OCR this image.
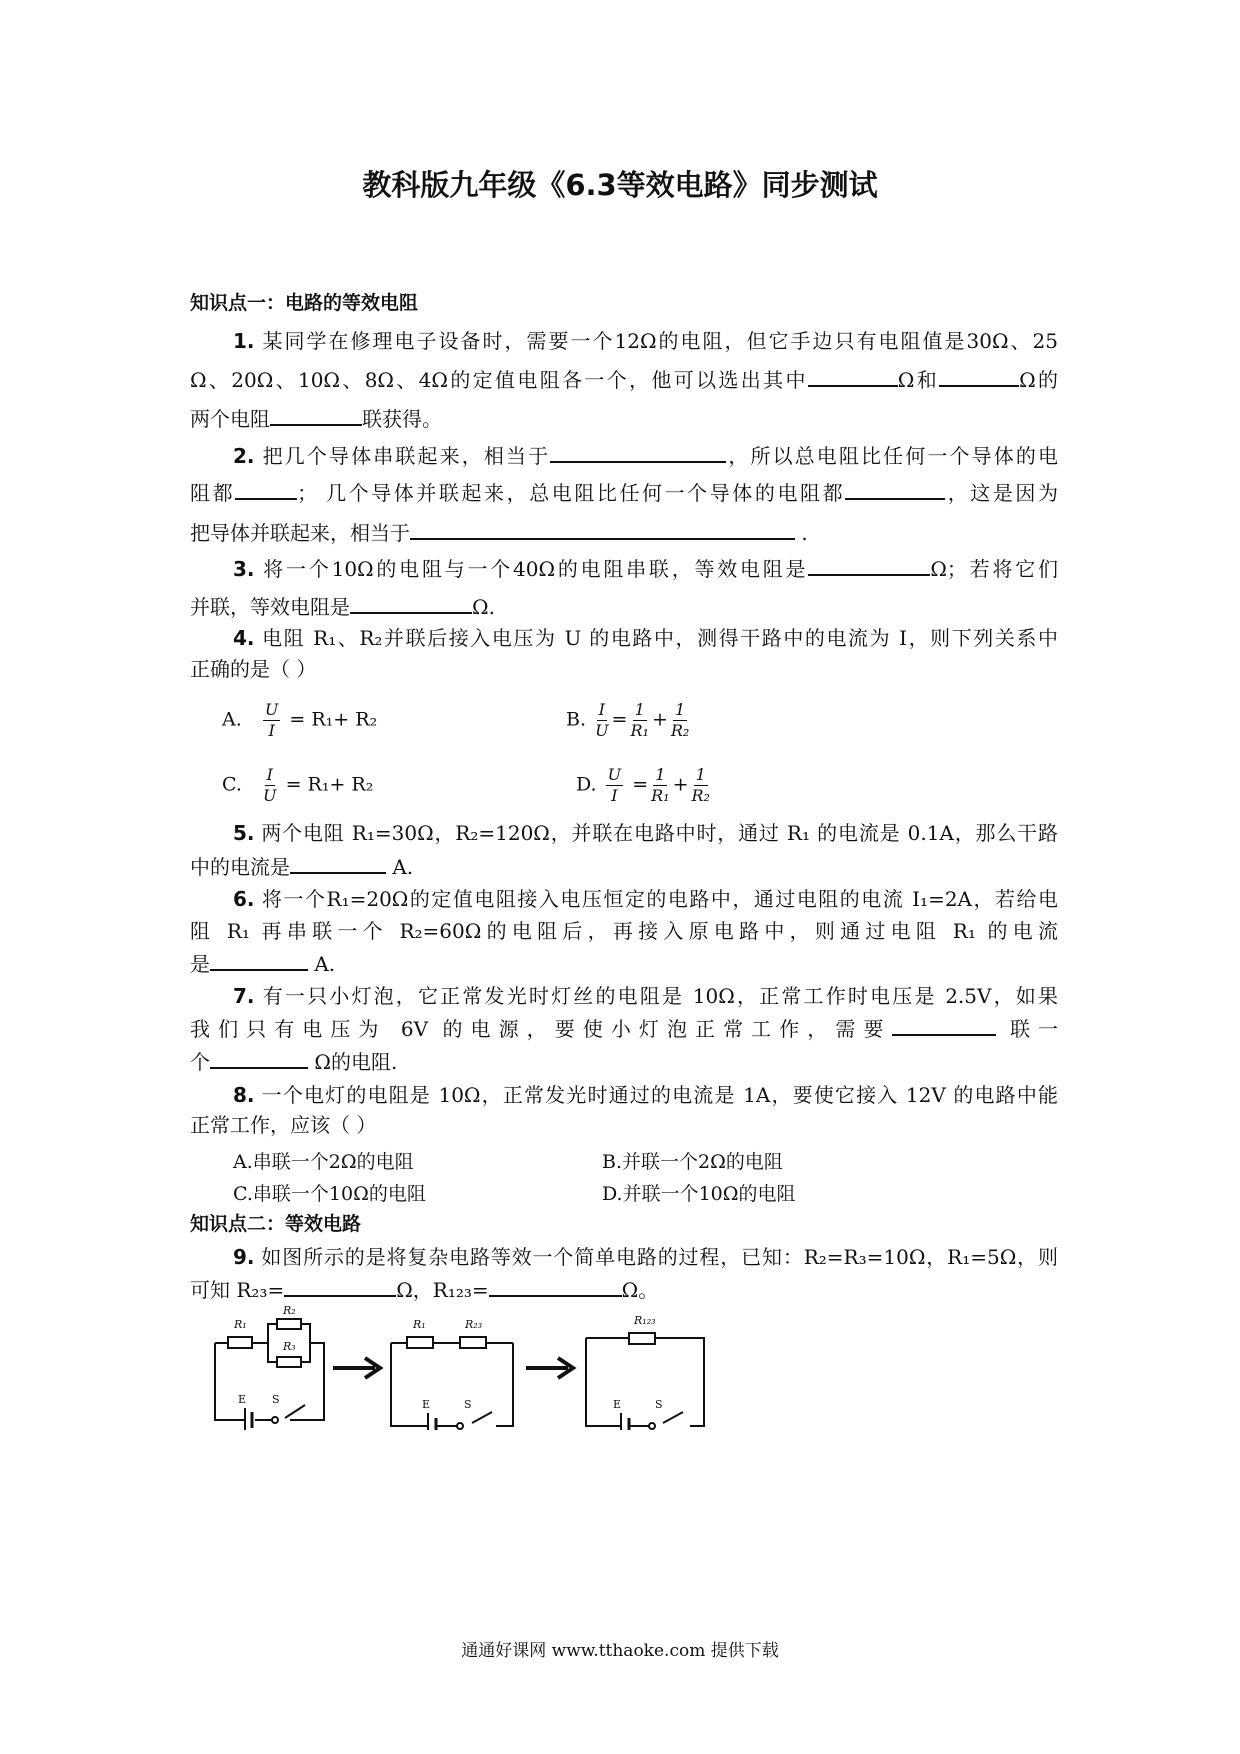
教科版九年级《6.3等效电路》同步测试
知识点一：电路的等效电阻
1. 某同学在修理电子设备时，需要一个12Ω的电阻，但它手边只有电阻值是30Ω、25
Ω、20Ω、10Ω、8Ω、4Ω的定值电阻各一个，他可以选出其中	Ω和	Ω的
两个电阻	联获得。
2. 把几个导体串联起来，相当于	，所以总电阻比任何一个导体的电
阻都	； 几个导体并联起来，总电阻比任何一个导体的电阻都	，这是因为
把导体并联起来，相当于	.
3. 将一个10Ω的电阻与一个40Ω的电阻串联，等效电阻是	Ω；若将它们
并联，等效电阻是	Ω.
4. 电阻 R₁、R₂并联后接入电压为 U 的电路中，测得干路中的电流为 I，则下列关系中
正确的是（ ）
5. 两个电阻 R₁=30Ω，R₂=120Ω，并联在电路中时，通过 R₁ 的电流是 0.1A，那么干路
中的电流是	A.
6. 将一个R₁=20Ω的定值电阻接入电压恒定的电路中，通过电阻的电流 I₁=2A，若给电
阻 R₁ 再串联一个 R₂=60Ω的电阻后，再接入原电路中，则通过电阻 R₁ 的电流
是	A.
7. 有一只小灯泡，它正常发光时灯丝的电阻是 10Ω，正常工作时电压是 2.5V，如果
我们只有电压为 6V 的电源，要使小灯泡正常工作，需要	联一
个	Ω的电阻.
8. 一个电灯的电阻是 10Ω，正常发光时通过的电流是 1A，要使它接入 12V 的电路中能
正常工作，应该（ ）
知识点二：等效电路
9. 如图所示的是将复杂电路等效一个简单电路的过程，已知：R₂=R₃=10Ω，R₁=5Ω，则
可知 R₂₃=	Ω，R₁₂₃=	Ω。
A. $\frac{U}{I} = R_1+ R_2$	B. $\frac{I}{U} = \frac{1}{\text{R₁}} + \frac{1}{\text{R₂}}$
C. $\frac{I}{U} = R_1+ R_2$	D. $\frac{U}{I} = \frac{1}{\text{R₁}} + \frac{1}{\text{R₂}}$
A.串联一个2Ω的电阻	B.并联一个2Ω的电阻
C.串联一个10Ω的电阻	D.并联一个10Ω的电阻
R₁
R₂
R₃
E S
R₁	R₂₃
E	S
R₁₂₃
E	S
通通好课网 www.tthaoke.com 提供下载
